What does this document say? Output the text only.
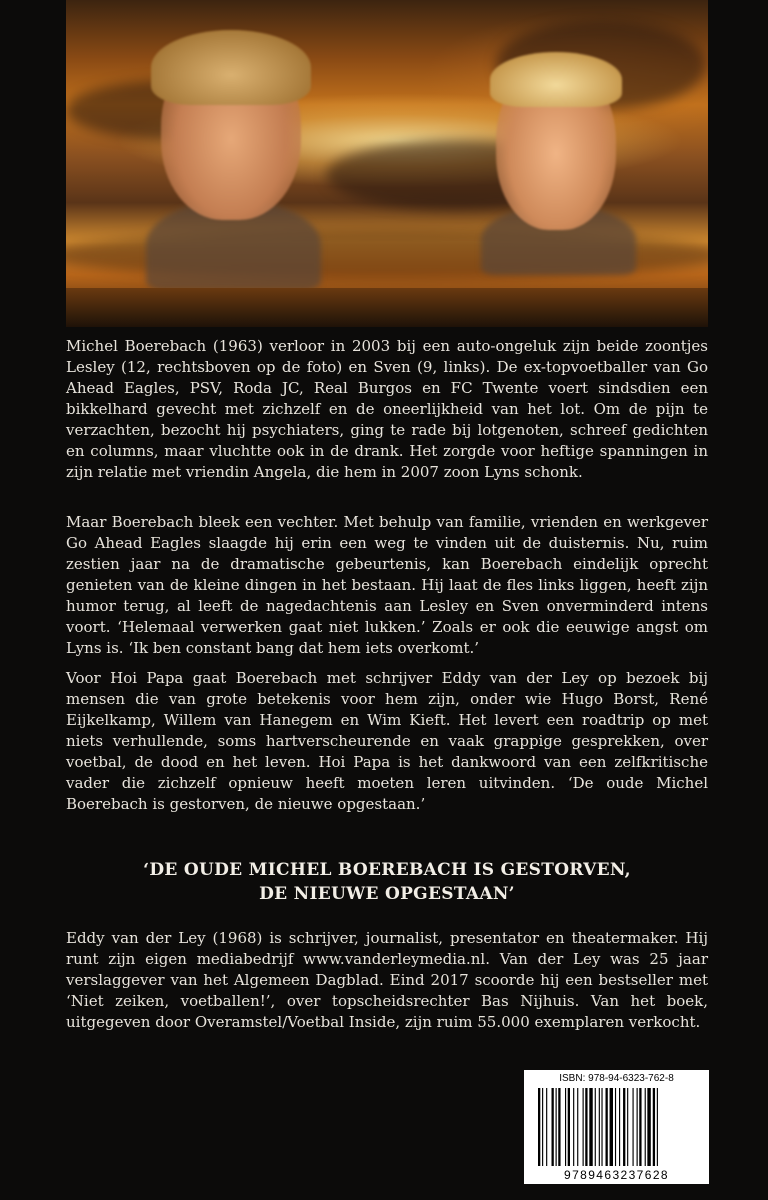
Michel Boerebach (1963) verloor in 2003 bij een auto-ongeluk zijn beide zoontjes Lesley (12, rechtsboven op de foto) en Sven (9, links). De ex-topvoetballer van Go Ahead Eagles, PSV, Roda JC, Real Burgos en FC Twente voert sindsdien een bikkelhard gevecht met zichzelf en de oneerlijkheid van het lot. Om de pijn te verzachten, bezocht hij psychiaters, ging te rade bij lotgenoten, schreef gedichten en columns, maar vluchtte ook in de drank. Het zorgde voor heftige spanningen in zijn relatie met vriendin Angela, die hem in 2007 zoon Lyns schonk.

Maar Boerebach bleek een vechter. Met behulp van familie, vrienden en werkgever Go Ahead Eagles slaagde hij erin een weg te vinden uit de duisternis. Nu, ruim zestien jaar na de dramatische gebeurtenis, kan Boerebach eindelijk oprecht genieten van de kleine dingen in het bestaan. Hij laat de fles links liggen, heeft zijn humor terug, al leeft de nagedachtenis aan Lesley en Sven onverminderd intens voort. ‘Helemaal verwerken gaat niet lukken.’ Zoals er ook die eeuwige angst om Lyns is. ‘Ik ben constant bang dat hem iets overkomt.’

Voor Hoi Papa gaat Boerebach met schrijver Eddy van der Ley op bezoek bij mensen die van grote betekenis voor hem zijn, onder wie Hugo Borst, René Eijkelkamp, Willem van Hanegem en Wim Kieft. Het levert een roadtrip op met niets verhullende, soms hartverscheurende en vaak grappige gesprekken, over voetbal, de dood en het leven. Hoi Papa is het dankwoord van een zelfkritische vader die zichzelf opnieuw heeft moeten leren uitvinden. ‘De oude Michel Boerebach is gestorven, de nieuwe opgestaan.’

‘DE OUDE MICHEL BOEREBACH IS GESTORVEN,
DE NIEUWE OPGESTAAN’

Eddy van der Ley (1968) is schrijver, journalist, presentator en theatermaker. Hij runt zijn eigen mediabedrijf www.vanderleymedia.nl. Van der Ley was 25 jaar verslaggever van het Algemeen Dagblad. Eind 2017 scoorde hij een bestseller met ‘Niet zeiken, voetballen!’, over topscheidsrechter Bas Nijhuis. Van het boek, uitgegeven door Overamstel/Voetbal Inside, zijn ruim 55.000 exemplaren verkocht.

ISBN: 978-94-6323-762-8
9789463237628
